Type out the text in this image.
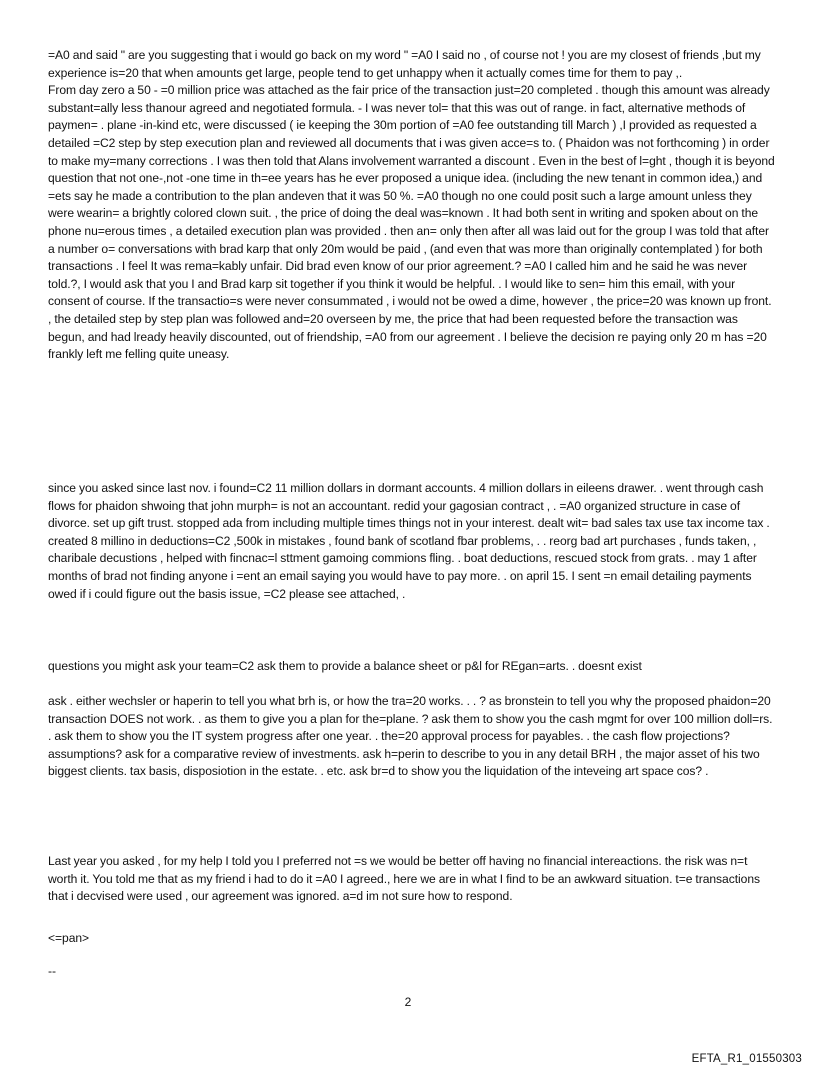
=A0 and said " are you suggesting that i would go back on my word " =A0 I said no , of course not ! you are my closest of friends ,but my experience is=20 that when amounts get large, people tend to get unhappy when it actually comes time for them to pay ,.
From day zero a 50 - =0 million price was attached as the fair price of the transaction just=20 completed . though this amount was already substant=ally less thanour agreed and negotiated formula. - I was never tol= that this was out of range. in fact, alternative methods of paymen= . plane -in-kind etc, were discussed ( ie keeping the 30m portion of =A0 fee outstanding till March ) ,I provided as requested a detailed =C2 step by step execution plan and reviewed all documents that i was given acce=s to. ( Phaidon was not forthcoming ) in order to make my=many corrections . I was then told that Alans involvement warranted a discount . Even in the best of l=ght , though it is beyond question that not one-,not -one time in th=ee years has he ever proposed a unique idea. (including the new tenant in common idea,) and =ets say he made a contribution to the plan andeven that it was 50 %. =A0 though no one could posit such a large amount unless they were wearin= a brightly colored clown suit. , the price of doing the deal was=known . It had both sent in writing and spoken about on the phone nu=erous times , a detailed execution plan was provided . then an= only then after all was laid out for the group I was told that after a number o= conversations with brad karp that only 20m would be paid , (and even that was more than originally contemplated ) for both transactions . I feel It was rema=kably unfair. Did brad even know of our prior agreement.? =A0 I called him and he said he was never told.?, I would ask that you I and Brad karp sit together if you think it would be helpful. . I would like to sen= him this email, with your consent of course. If the transactio=s were never consummated , i would not be owed a dime, however , the price=20 was known up front. , the detailed step by step plan was followed and=20 overseen by me, the price that had been requested before the transaction was begun, and had lready heavily discounted, out of friendship, =A0 from our agreement . I believe the decision re paying only 20 m has =20 frankly left me felling quite uneasy.

since you asked since last nov. i found=C2 11 million dollars in dormant accounts. 4 million dollars in eileens drawer. . went through cash flows for phaidon shwoing that john murph= is not an accountant. redid your gagosian contract , . =A0 organized structure in case of divorce. set up gift trust. stopped ada from including multiple times things not in your interest. dealt wit= bad sales tax use tax income tax . created 8 millino in deductions=C2 ,500k in mistakes , found bank of scotland fbar problems, . . reorg bad art purchases , funds taken, , charibale decustions , helped with fincnac=l sttment gamoing commions fling. . boat deductions, rescued stock from grats. . may 1 after months of brad not finding anyone i =ent an email saying you would have to pay more. . on april 15. I sent =n email detailing payments owed if i could figure out the basis issue, =C2 please see attached, .

questions you might ask your team=C2 ask them to provide a balance sheet or p&l for REgan=arts. . doesnt exist

ask . either wechsler or haperin to tell you what brh is, or how the tra=20 works. . . ? as bronstein to tell you why the proposed phaidon=20 transaction DOES not work. . as them to give you a plan for the=plane. ? ask them to show you the cash mgmt for over 100 million doll=rs. . ask them to show you the IT system progress after one year. . the=20 approval process for payables. . the cash flow projections? assumptions? ask for a comparative review of investments. ask h=perin to describe to you in any detail BRH , the major asset of his two biggest clients. tax basis, disposiotion in the estate. . etc. ask br=d to show you the liquidation of the inteveing art space cos? .

Last year you asked , for my help I told you I preferred not =s we would be better off having no financial intereactions. the risk was n=t worth it. You told me that as my friend i had to do it =A0 I agreed., here we are in what I find to be an awkward situation. t=e transactions that i decvised were used , our agreement was ignored. a=d im not sure how to respond.

<=pan>

--

2
EFTA_R1_01550303
